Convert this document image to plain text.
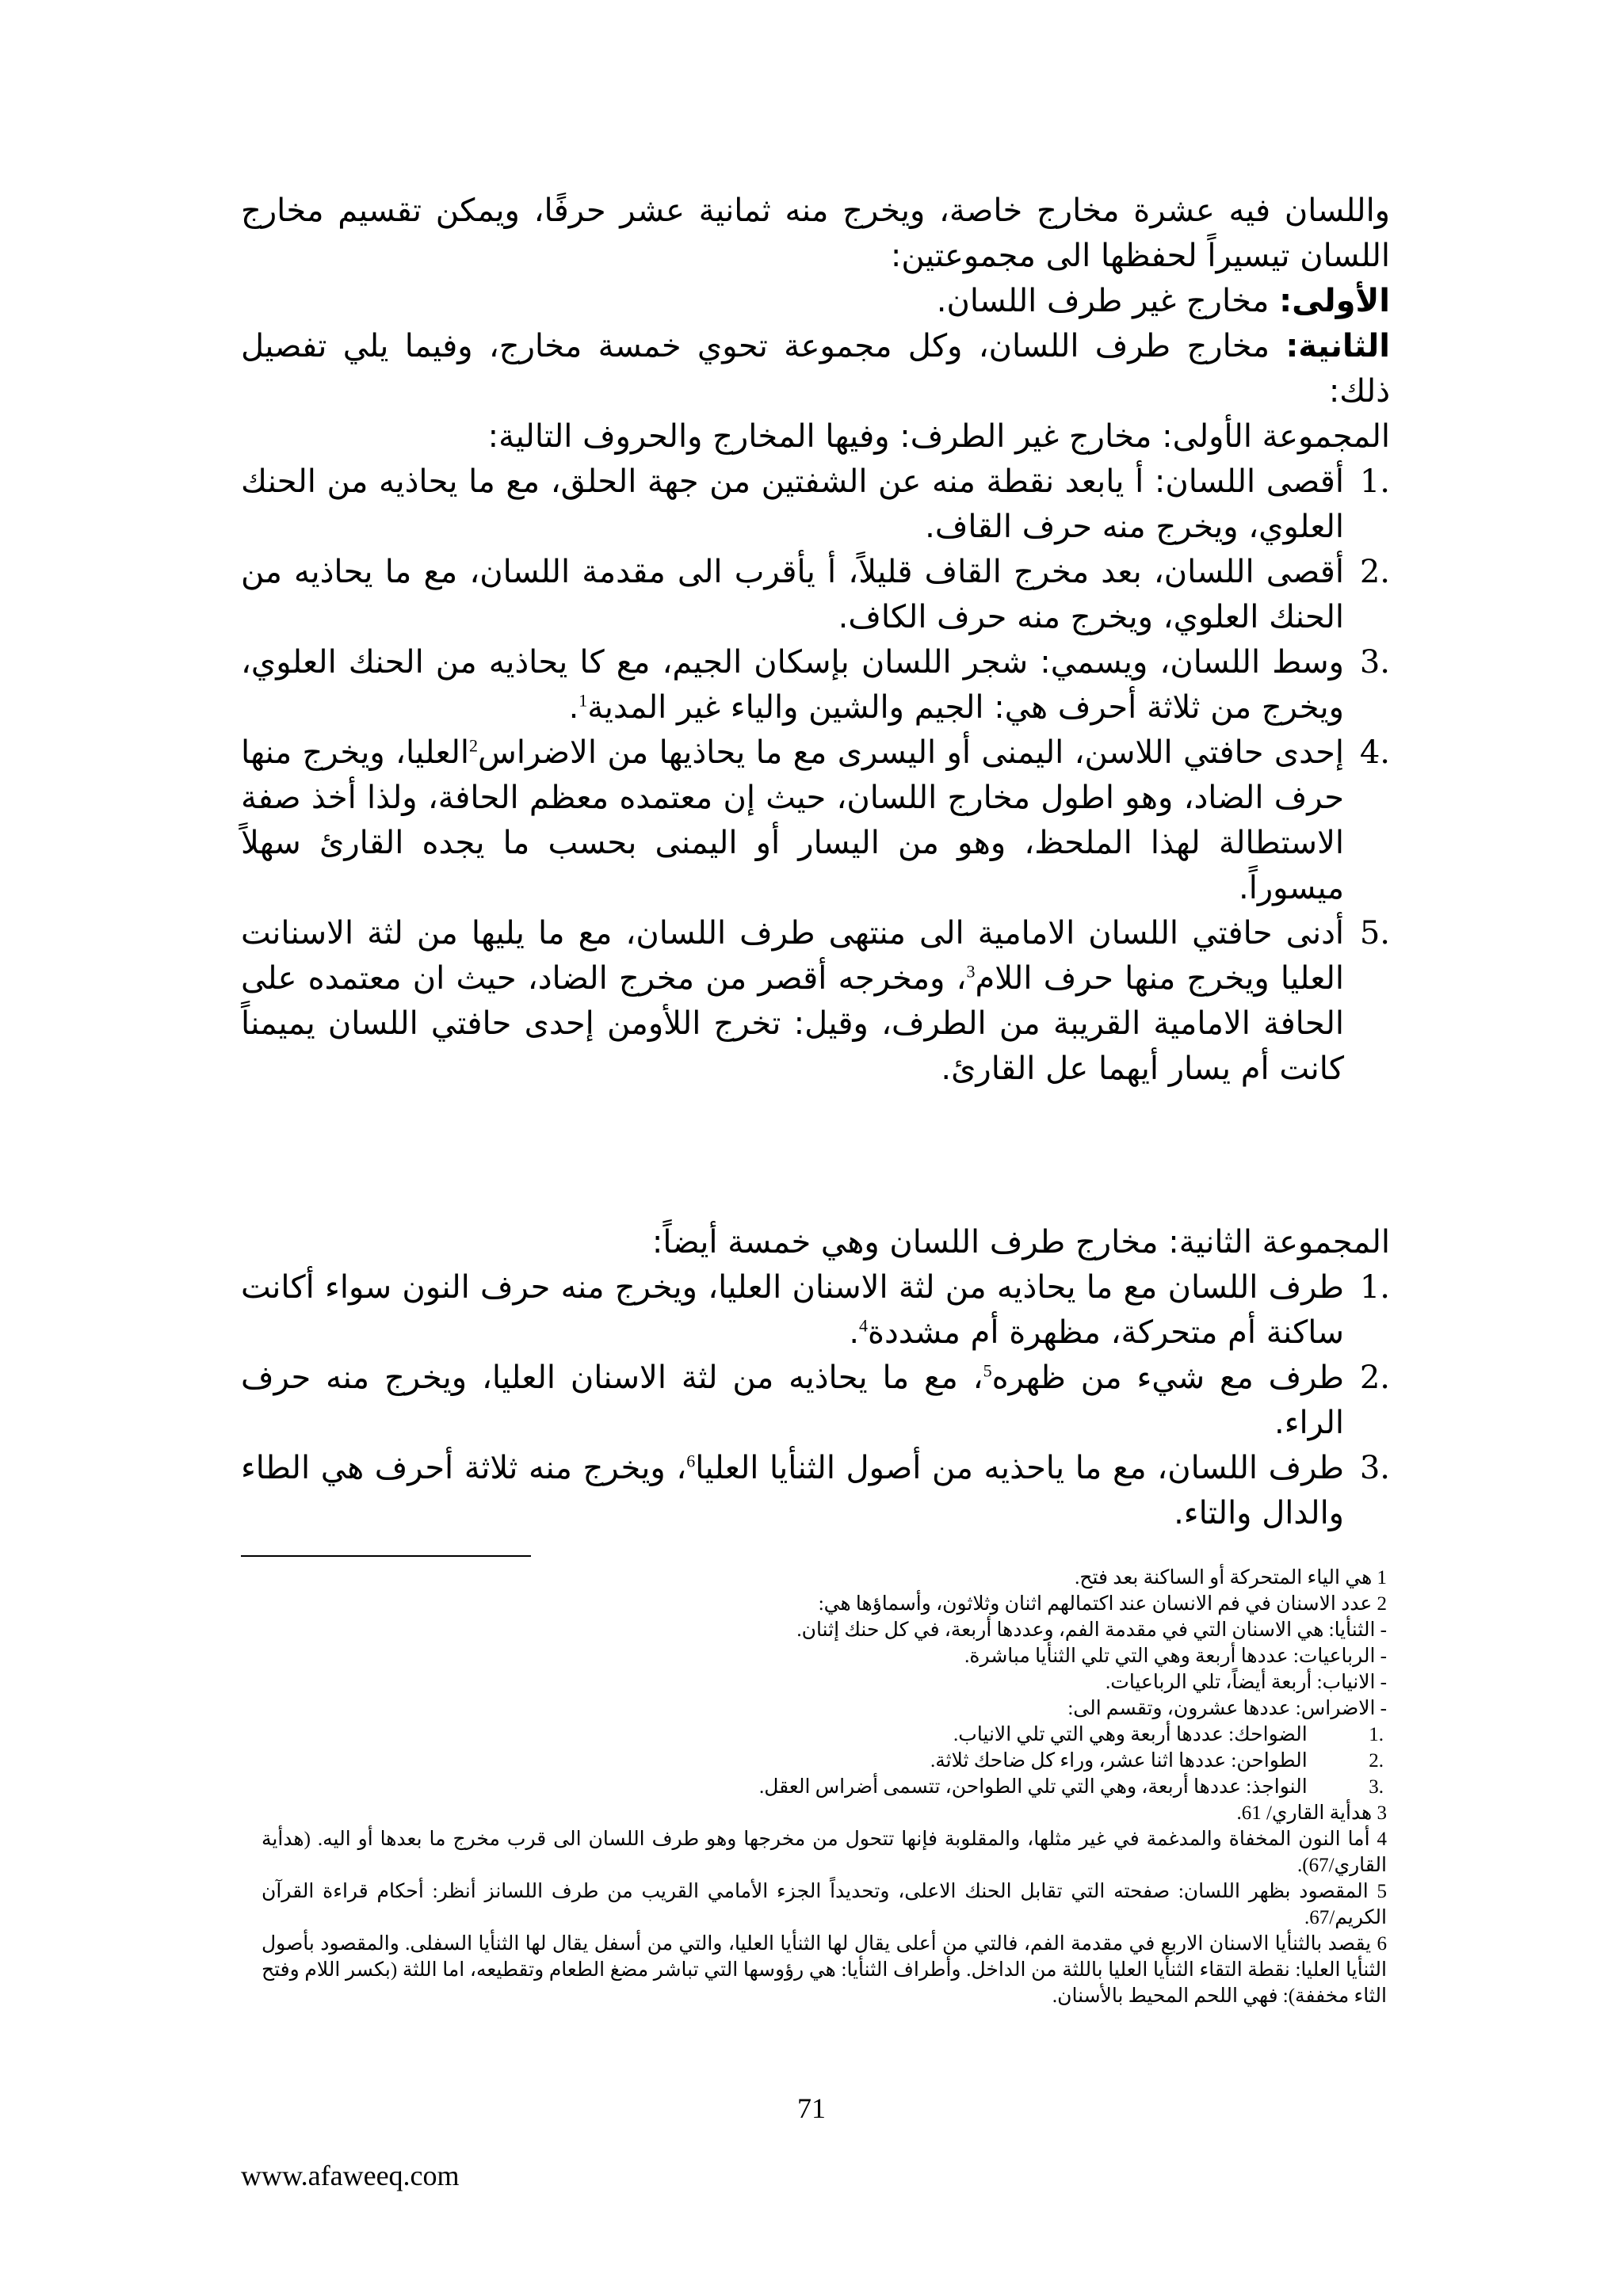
واللسان فيه عشرة مخارج خاصة، ويخرج منه ثمانية عشر حرفًا، ويمكن تقسيم مخارج اللسان تيسيراً لحفظها الى مجموعتين:

الأولى: مخارج غير طرف اللسان.

الثانية: مخارج طرف اللسان، وكل مجموعة تحوي خمسة مخارج، وفيما يلي تفصيل ذلك:

المجموعة الأولى: مخارج غير الطرف: وفيها المخارج والحروف التالية:

1.
أقصى اللسان: أ يابعد نقطة منه عن الشفتين من جهة الحلق، مع ما يحاذيه من الحنك العلوي، ويخرج منه حرف القاف.
2.
أقصى اللسان، بعد مخرج القاف قليلاً، أ يأقرب الى مقدمة اللسان، مع ما يحاذيه من الحنك العلوي، ويخرج منه حرف الكاف.
3.
وسط اللسان، ويسمي: شجر اللسان بإسكان الجيم، مع كا يحاذيه من الحنك العلوي، ويخرج من ثلاثة أحرف هي: الجيم والشين والياء غير المدية$^1$.
4.
إحدى حافتي اللاسن، اليمنى أو اليسرى مع ما يحاذيها من الاضراس$^2$العليا، ويخرج منها حرف الضاد، وهو اطول مخارج اللسان، حيث إن معتمده معظم الحافة، ولذا أخذ صفة الاستطالة لهذا الملحظ، وهو من اليسار أو اليمنى بحسب ما يجده القارئ سهلاً ميسوراً.
5.
أدنى حافتي اللسان الامامية الى منتهى طرف اللسان، مع ما يليها من لثة الاسنانت العليا ويخرج منها حرف اللام$^3$، ومخرجه أقصر من مخرج الضاد، حيث ان معتمده على الحافة الامامية القريبة من الطرف، وقيل: تخرج اللأومن إحدى حافتي اللسان يميمناً كانت أم يسار أيهما عل القارئ.

المجموعة الثانية: مخارج طرف اللسان وهي خمسة أيضاً:

1.
طرف اللسان مع ما يحاذيه من لثة الاسنان العليا، ويخرج منه حرف النون سواء أكانت ساكنة أم متحركة، مظهرة أم مشددة$^4$.
2.
طرف مع شيء من ظهره$^5$، مع ما يحاذيه من لثة الاسنان العليا، ويخرج منه حرف الراء.
3.
طرف اللسان، مع ما ياحذيه من أصول الثنأيا العليا$^6$، ويخرج منه ثلاثة أحرف هي الطاء والدال والتاء.

1 هي الياء المتحركة أو الساكنة بعد فتح.

2 عدد الاسنان في فم الانسان عند اكتمالهم اثنان وثلاثون، وأسماؤها هي:

- الثنأيا: هي الاسنان التي في مقدمة الفم، وعددها أربعة، في كل حنك إثنان.

- الرباعيات: عددها أربعة وهي التي تلي الثنأيا مباشرة.

- الانياب: أربعة أيضاً، تلي الرباعيات.

- الاضراس: عددها عشرون، وتقسم الى:

1. الضواحك: عددها أربعة وهي التي تلي الانياب.

2. الطواحن: عددها اثنا عشر، وراء كل ضاحك ثلاثة.

3. النواجذ: عددها أربعة، وهي التي تلي الطواحن، تتسمى أضراس العقل.

3 هدأية القاري/ 61.

4 أما النون المخفاة والمدغمة في غير مثلها، والمقلوبة فإنها تتحول من مخرجها وهو طرف اللسان الى قرب مخرج ما بعدها أو اليه. (هدأية القاري/67).

5 المقصود بظهر اللسان: صفحته التي تقابل الحنك الاعلى، وتحديداً الجزء الأمامي القريب من طرف اللسانز أنظر: أحكام قراءة القرآن الكريم/67.

6 يقصد بالثنأيا الاسنان الاربع في مقدمة الفم، فالتي من أعلى يقال لها الثنأيا العليا، والتي من أسفل يقال لها الثنأيا السفلى. والمقصود بأصول الثنأيا العليا: نقطة التقاء الثنأيا العليا باللثة من الداخل. وأطراف الثنأيا: هي رؤوسها التي تباشر مضغ الطعام وتقطيعه، اما اللثة (بكسر اللام وفتح الثاء مخففة): فهي اللحم المحيط بالأسنان.

71
www.afaweeq.com
